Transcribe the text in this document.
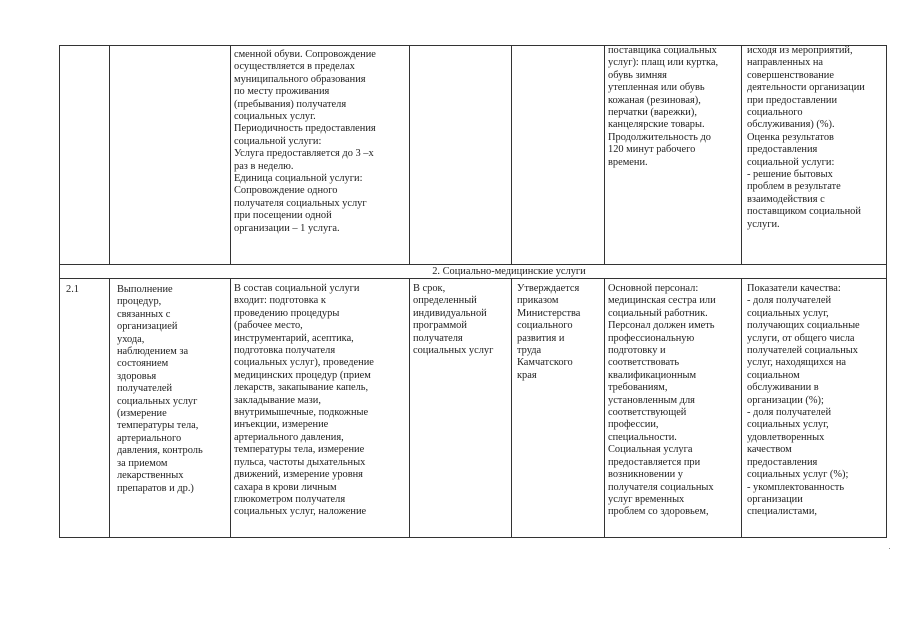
сменной обуви. Сопровождение
осуществляется в пределах
муниципального образования
по месту проживания
(пребывания) получателя
социальных услуг.
Периодичность предоставления
социальной услуги:
Услуга предоставляется до 3 –х
раз в неделю.
Единица социальной услуги:
Сопровождение одного
получателя социальных услуг
при посещении одной
организации – 1 услуга.
поставщика социальных
услуг): плащ или куртка,
обувь зимняя
утепленная или обувь
кожаная (резиновая),
перчатки (варежки),
канцелярские товары.
Продолжительность до
120 минут рабочего
времени.
исходя из мероприятий,
направленных на
совершенствование
деятельности организации
при предоставлении
социального
обслуживания) (%).
Оценка результатов
предоставления
социальной услуги:
- решение бытовых
проблем в результате
взаимодействия с
поставщиком социальной
услуги.
2. Социально-медицинские услуги
2.1	Выполнение
процедур,
связанных с
организацией
ухода,
наблюдением за
состоянием
здоровья
получателей
социальных услуг
(измерение
температуры тела,
артериального
давления, контроль
за приемом
лекарственных
препаратов и др.)
В состав социальной услуги
входит: подготовка к
проведению процедуры
(рабочее место,
инструментарий, асептика,
подготовка получателя
социальных услуг), проведение
медицинских процедур (прием
лекарств, закапывание капель,
закладывание мази,
внутримышечные, подкожные
инъекции, измерение
артериального давления,
температуры тела, измерение
пульса, частоты дыхательных
движений, измерение уровня
сахара в крови личным
глюкометром получателя
социальных услуг, наложение
В срок,
определенный
индивидуальной
программой
получателя
социальных услуг
Утверждается
приказом
Министерства
социального
развития и
труда
Камчатского
края
Основной персонал:
медицинская сестра или
социальный работник.
Персонал должен иметь
профессиональную
подготовку и
соответствовать
квалификационным
требованиям,
установленным для
соответствующей
профессии,
специальности.
Социальная услуга
предоставляется при
возникновении у
получателя социальных
услуг временных
проблем со здоровьем,
Показатели качества:
- доля получателей
социальных услуг,
получающих социальные
услуги, от общего числа
получателей социальных
услуг, находящихся на
социальном
обслуживании в
организации (%);
- доля получателей
социальных услуг,
удовлетворенных
качеством
предоставления
социальных услуг (%);
- укомплектованность
организации
специалистами,
